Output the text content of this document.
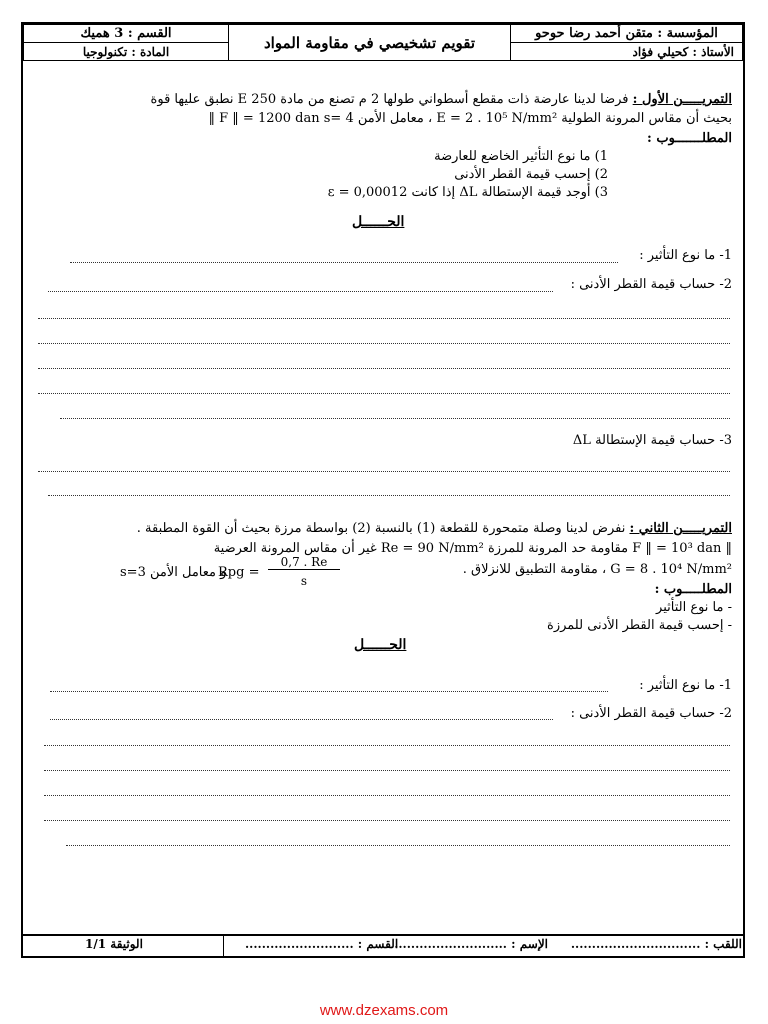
المؤسسة : متقن أحمد رضا حوحو
الأستاذ : كحيلي فؤاد
تقويم تشخيصي في مقاومة المواد
القسم : 3 هميك
المادة : تكنولوجيا
التمريـــــن الأول : فرضا لدينا عارضة ذات مقطع أسطواني طولها 2 م تصنع من مادة E 250 نطبق عليها قوة
بحيث أن مقاس المرونة الطولية E = 2 . 10⁵ N/mm² ، معامل الأمن s= 4 ‖ F ‖ = 1200 dan
المطلـــــــوب :
1) ما نوع التأثير الخاضع للعارضة
2) إحسب قيمة القطر الأدنى
3) أوجد قيمة الإستطالة ΔL إذا كانت ε = 0,00012
الحــــــل
1- ما نوع التأثير :
2- حساب قيمة القطر الأدنى :
3- حساب قيمة الإستطالة ΔL
التمريـــــن الثاني : نفرض لدينا وصلة متمحورة للقطعة (1) بالنسبة (2) بواسطة مرزة بحيث أن القوة المطبقة .
‖ F ‖ = 10³ dan مقاومة حد المرونة للمرزة Re = 90 N/mm² غير أن مقاس المرونة العرضية
G = 8 . 10⁴ N/mm² ، مقاومة التطبيق للانزلاق .
Rpg =
0,7 . Re
s
و معامل الأمن s=3
المطلـــــوب :
- ما نوع التأثير
- إحسب قيمة القطر الأدنى للمرزة
الحــــــل
1- ما نوع التأثير :
2- حساب قيمة القطر الأدنى :
اللقب : ...............................
الإسم : ...........................
القسم : ..........................
الوثيقة 1/1
www.dzexams.com
